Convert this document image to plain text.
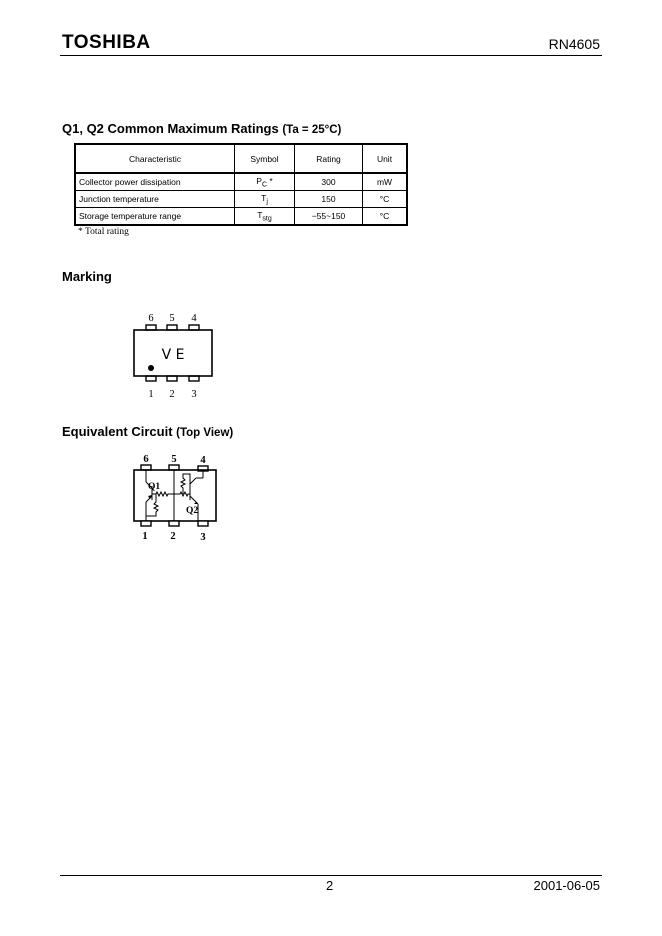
TOSHIBA	RN4605
Q1, Q2 Common Maximum Ratings (Ta = 25°C)
Characteristic	Symbol	Rating	Unit
Collector power dissipation	$P_C$ *	300	mW
Junction temperature	$T_j$	150	°C
Storage temperature range	$T_{stg}$	−55~150	°C
* Total rating
Marking
6 5 4
V E
1 2 3
Equivalent Circuit (Top View)
6 5 4
Q1
Q2
1 2 3
2	2001-06-05
